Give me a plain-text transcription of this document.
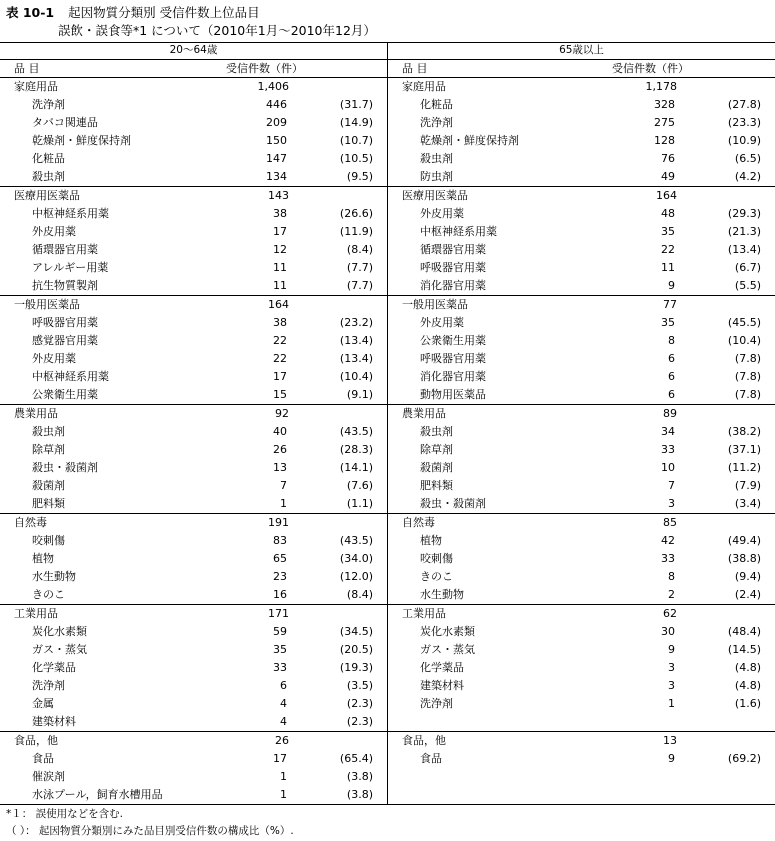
表 10-1 起因物質分類別 受信件数上位品目
誤飲・誤食等*1 について（2010年1月～2010年12月）
20～64歳	65歳以上
品 目	受信件数（件）	品 目	受信件数（件）
家庭用品	1,406
洗浄剤	446	(31.7)
タバコ関連品	209	(14.9)
乾燥剤・鮮度保持剤	150	(10.7)
化粧品	147	(10.5)
殺虫剤	134	(9.5)
家庭用品	1,178
化粧品	328	(27.8)
洗浄剤	275	(23.3)
乾燥剤・鮮度保持剤	128	(10.9)
殺虫剤	76	(6.5)
防虫剤	49	(4.2)
医療用医薬品	143
中枢神経系用薬	38	(26.6)
外皮用薬	17	(11.9)
循環器官用薬	12	(8.4)
アレルギー用薬	11	(7.7)
抗生物質製剤	11	(7.7)
医療用医薬品	164
外皮用薬	48	(29.3)
中枢神経系用薬	35	(21.3)
循環器官用薬	22	(13.4)
呼吸器官用薬	11	(6.7)
消化器官用薬	9	(5.5)
一般用医薬品	164
呼吸器官用薬	38	(23.2)
感覚器官用薬	22	(13.4)
外皮用薬	22	(13.4)
中枢神経系用薬	17	(10.4)
公衆衛生用薬	15	(9.1)
一般用医薬品	77
外皮用薬	35	(45.5)
公衆衛生用薬	8	(10.4)
呼吸器官用薬	6	(7.8)
消化器官用薬	6	(7.8)
動物用医薬品	6	(7.8)
農業用品	92
殺虫剤	40	(43.5)
除草剤	26	(28.3)
殺虫・殺菌剤	13	(14.1)
殺菌剤	7	(7.6)
肥料類	1	(1.1)
農業用品	89
殺虫剤	34	(38.2)
除草剤	33	(37.1)
殺菌剤	10	(11.2)
肥料類	7	(7.9)
殺虫・殺菌剤	3	(3.4)
自然毒	191
咬刺傷	83	(43.5)
植物	65	(34.0)
水生動物	23	(12.0)
きのこ	16	(8.4)
自然毒	85
植物	42	(49.4)
咬刺傷	33	(38.8)
きのこ	8	(9.4)
水生動物	2	(2.4)
工業用品	171
炭化水素類	59	(34.5)
ガス・蒸気	35	(20.5)
化学薬品	33	(19.3)
洗浄剤	6	(3.5)
金属	4	(2.3)
建築材料	4	(2.3)
工業用品	62
炭化水素類	30	(48.4)
ガス・蒸気	9	(14.5)
化学薬品	3	(4.8)
建築材料	3	(4.8)
洗浄剤	1	(1.6)
食品，他	26
食品	17	(65.4)
催涙剤	1	(3.8)
水泳プール，飼育水槽用品	1	(3.8)
食品，他	13
食品	9	(69.2)
*１： 誤使用などを含む.
（ ）： 起因物質分類別にみた品目別受信件数の構成比（%）.
